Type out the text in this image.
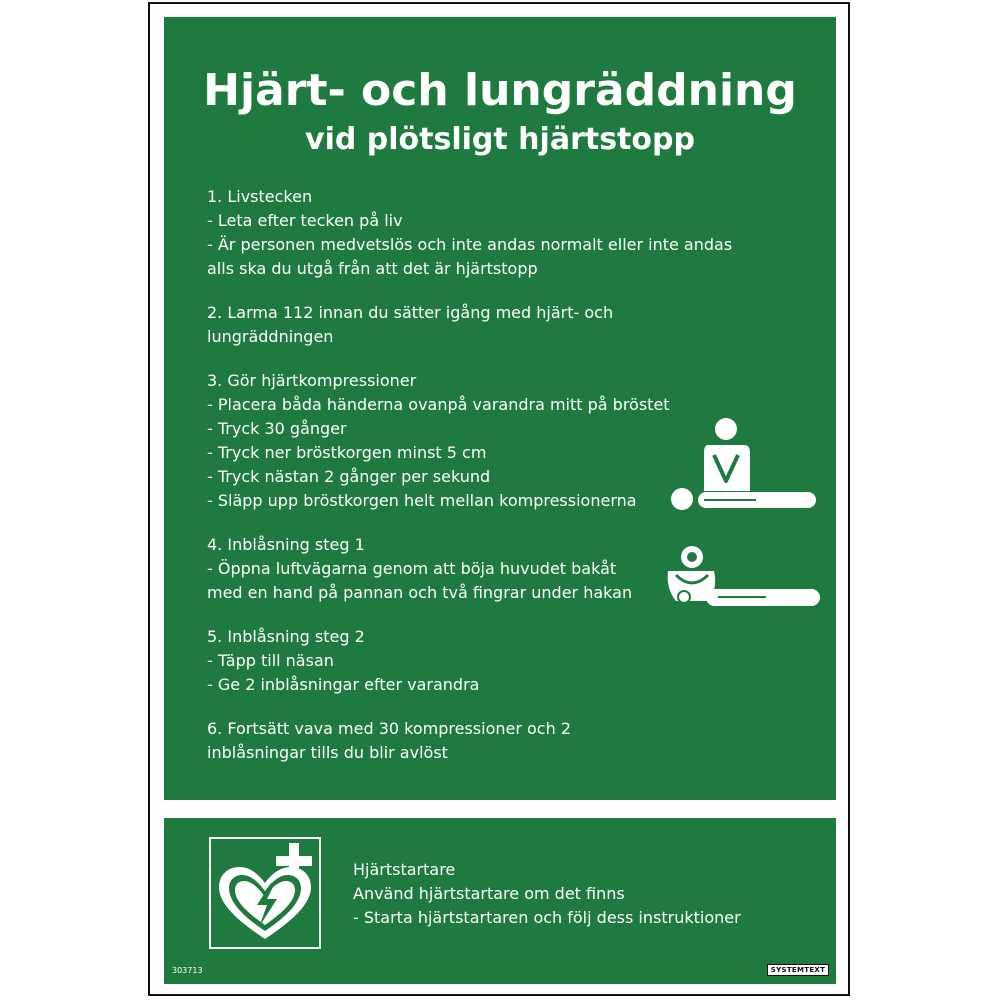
Hjärt- och lungräddning
vid plötsligt hjärtstopp
1. Livstecken
- Leta efter tecken på liv
- Är personen medvetslös och inte andas normalt eller inte andas
alls ska du utgå från att det är hjärtstopp
2. Larma 112 innan du sätter igång med hjärt- och
lungräddningen
3. Gör hjärtkompressioner
- Placera båda händerna ovanpå varandra mitt på bröstet
- Tryck 30 gånger
- Tryck ner bröstkorgen minst 5 cm
- Tryck nästan 2 gånger per sekund
- Släpp upp bröstkorgen helt mellan kompressionerna
4. Inblåsning steg 1
- Öppna luftvägarna genom att böja huvudet bakåt
med en hand på pannan och två fingrar under hakan
5. Inblåsning steg 2
- Täpp till näsan
- Ge 2 inblåsningar efter varandra
6. Fortsätt vava med 30 kompressioner och 2
inblåsningar tills du blir avlöst
Hjärtstartare
Använd hjärtstartare om det finns
- Starta hjärtstartaren och följ dess instruktioner
303713	SYSTEMTEXT
